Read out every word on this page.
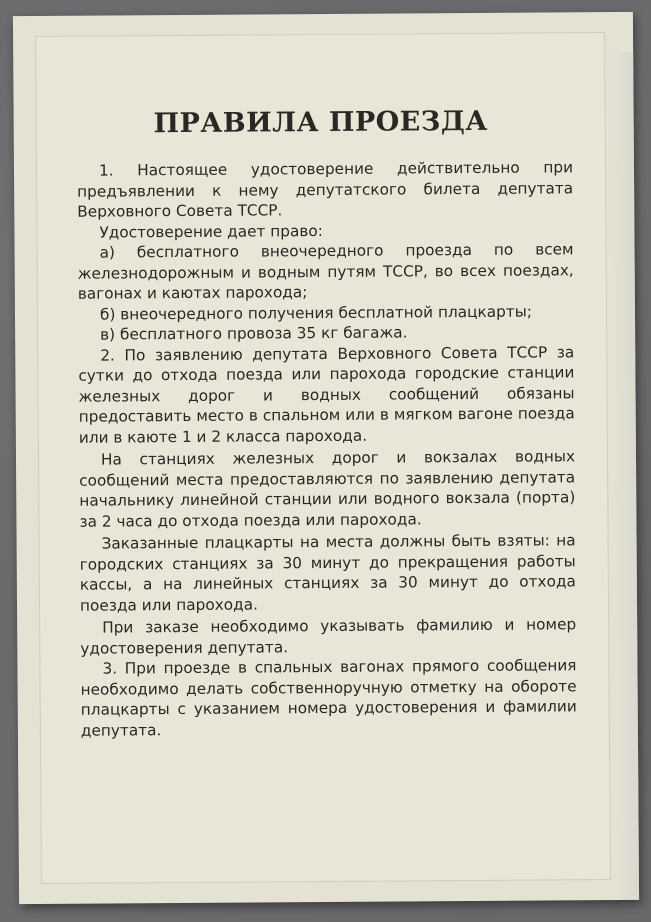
ПРАВИЛА ПРОЕЗДА

1. Настоящее удостоверение действительно при предъявлении к нему депутатского билета депутата Верховного Совета ТССР.

Удостоверение дает право:

а) бесплатного внеочередного проезда по всем железнодорожным и водным путям ТССР, во всех поездах, вагонах и каютах парохода;

б) внеочередного получения бесплатной плацкарты;

в) бесплатного провоза 35 кг багажа.

2. По заявлению депутата Верховного Совета ТССР за сутки до отхода поезда или парохода городские станции железных дорог и водных сообщений обязаны предоставить место в спальном или в мягком вагоне поезда или в каюте 1 и 2 класса парохода.

На станциях железных дорог и вокзалах водных сообщений места предоставляются по заявлению депутата начальнику линейной станции или водного вокзала (порта) за 2 часа до отхода поезда или парохода.

Заказанные плацкарты на места должны быть взяты: на городских станциях за 30 минут до прекращения работы кассы, а на линейных станциях за 30 минут до отхода поезда или парохода.

При заказе необходимо указывать фамилию и номер удостоверения депутата.

3. При проезде в спальных вагонах прямого сообщения необходимо делать собственноручную отметку на обороте плацкарты с указанием номера удостоверения и фамилии депутата.
